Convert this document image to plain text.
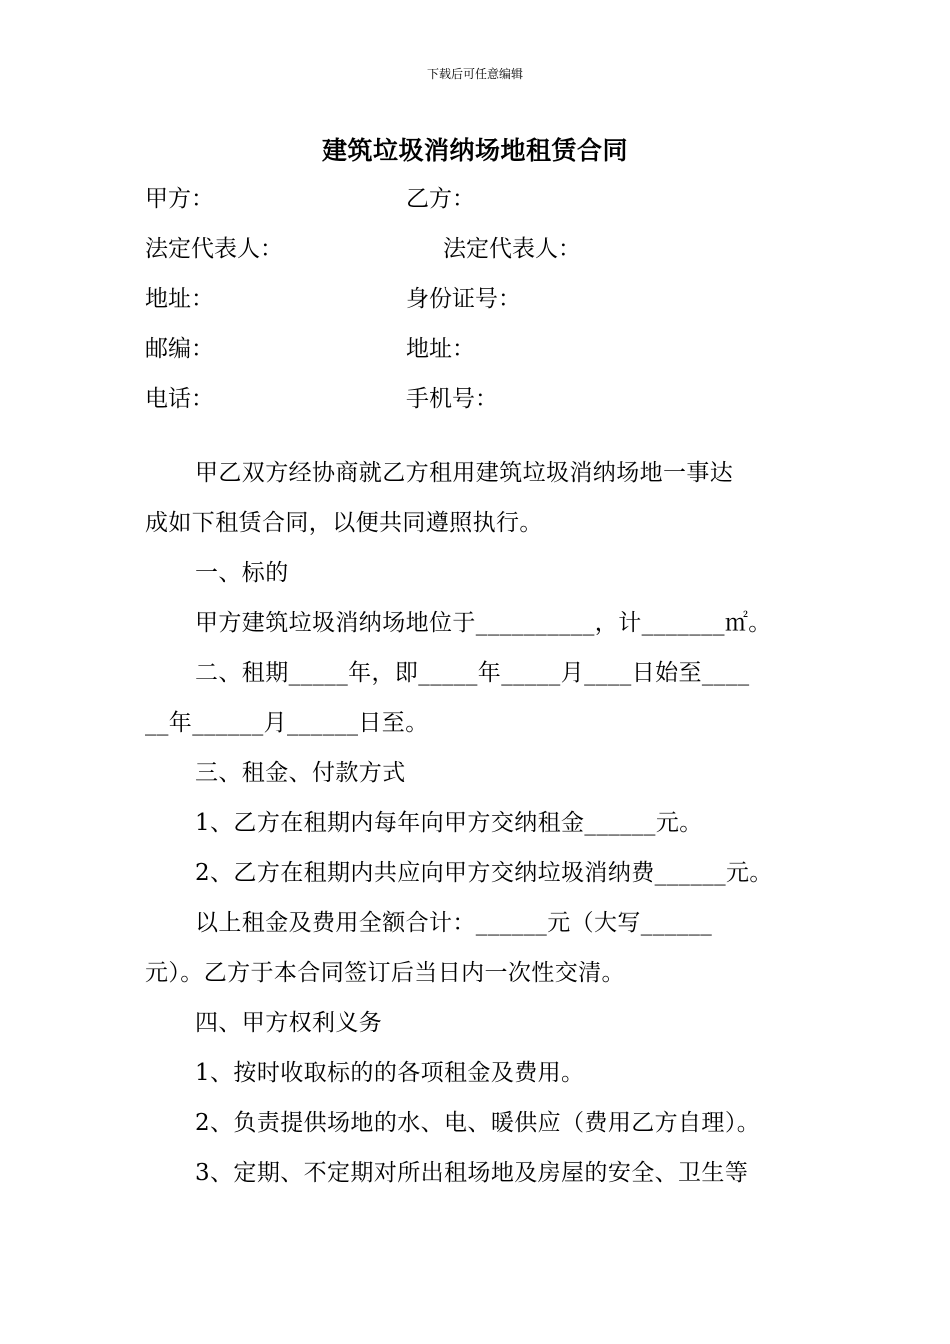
下载后可任意编辑
建筑垃圾消纳场地租赁合同
甲方：	乙方：
法定代表人：	法定代表人：
地址：	身份证号：
邮编：	地址：
电话：	手机号：
甲乙双方经协商就乙方租用建筑垃圾消纳场地一事达
成如下租赁合同，以便共同遵照执行。
一、标的
甲方建筑垃圾消纳场地位于__________，计_______㎡。
二、租期_____年，即_____年_____月____日始至____
__年______月______日至。
三、租金、付款方式
1、乙方在租期内每年向甲方交纳租金______元。
2、乙方在租期内共应向甲方交纳垃圾消纳费______元。
以上租金及费用全额合计：______元（大写______
元）。乙方于本合同签订后当日内一次性交清。
四、甲方权利义务
1、按时收取标的的各项租金及费用。
2、负责提供场地的水、电、暖供应（费用乙方自理）。
3、定期、不定期对所出租场地及房屋的安全、卫生等
